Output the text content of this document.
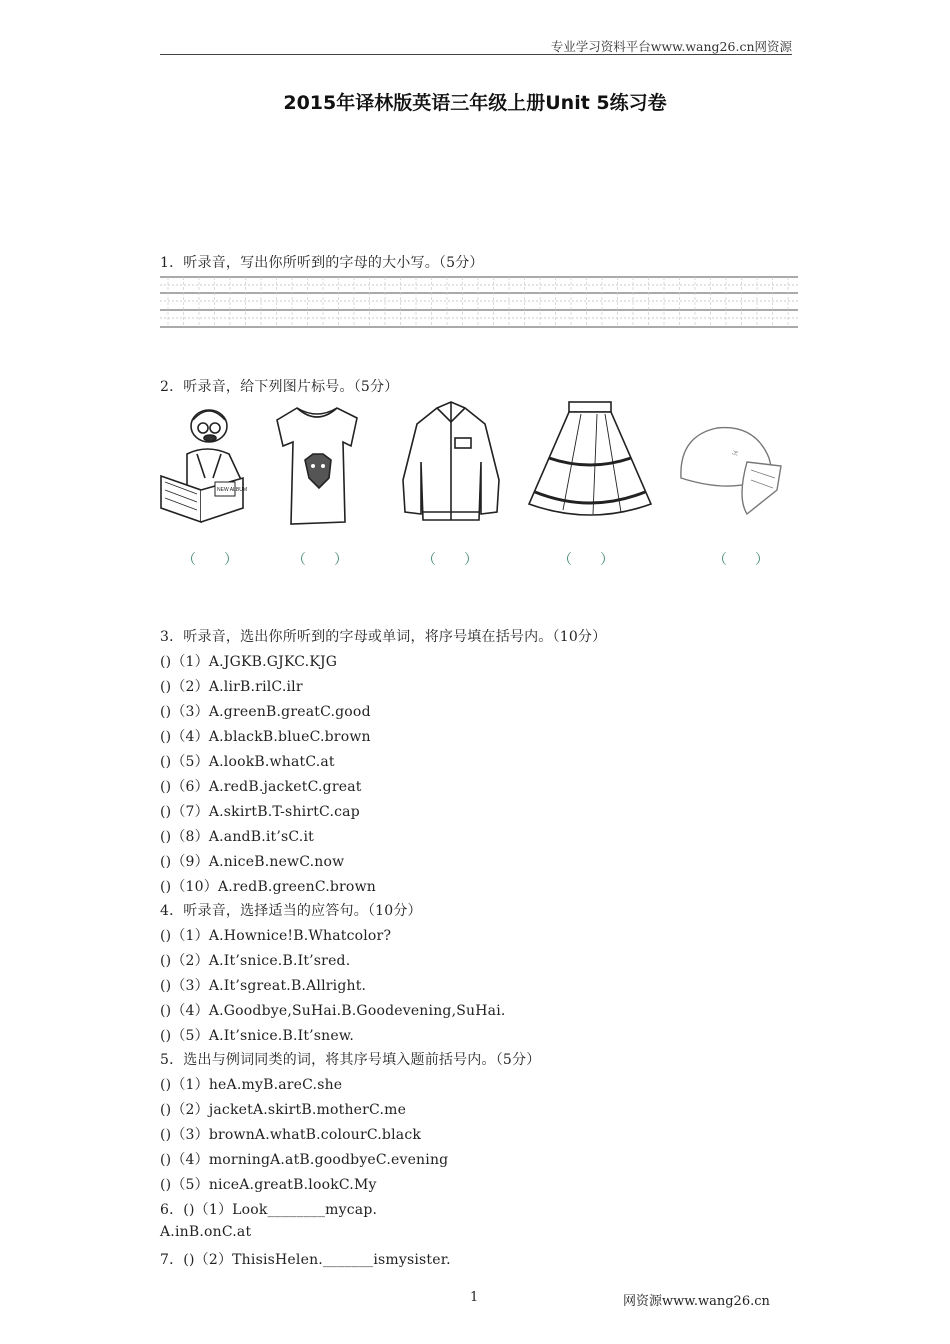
专业学习资料平台www.wang26.cn网资源
2015年译林版英语三年级上册Unit 5练习卷
1．听录音，写出你所听到的字母的大小写。（5分）
2．听录音，给下列图片标号。（5分）
NEW ALBUM
ヱ
（　　）	（　　）	（　　）	（　　）	（　　）
3．听录音，选出你所听到的字母或单词，将序号填在括号内。（10分）
()（1）A.JGKB.GJKC.KJG
()（2）A.lirB.rilC.ilr
()（3）A.greenB.greatC.good
()（4）A.blackB.blueC.brown
()（5）A.lookB.whatC.at
()（6）A.redB.jacketC.great
()（7）A.skirtB.T-shirtC.cap
()（8）A.andB.it’sC.it
()（9）A.niceB.newC.now
()（10）A.redB.greenC.brown
4．听录音，选择适当的应答句。（10分）
()（1）A.Hownice!B.Whatcolor?
()（2）A.It’snice.B.It’sred.
()（3）A.It’sgreat.B.Allright.
()（4）A.Goodbye,SuHai.B.Goodevening,SuHai.
()（5）A.It’snice.B.It’snew.
5．选出与例词同类的词，将其序号填入题前括号内。（5分）
()（1）heA.myB.areC.she
()（2）jacketA.skirtB.motherC.me
()（3）brownA.whatB.colourC.black
()（4）morningA.atB.goodbyeC.evening
()（5）niceA.greatB.lookC.My
6．()（1）Look________mycap.
A.inB.onC.at
7．()（2）ThisisHelen._______ismysister.
1	网资源www.wang26.cn
